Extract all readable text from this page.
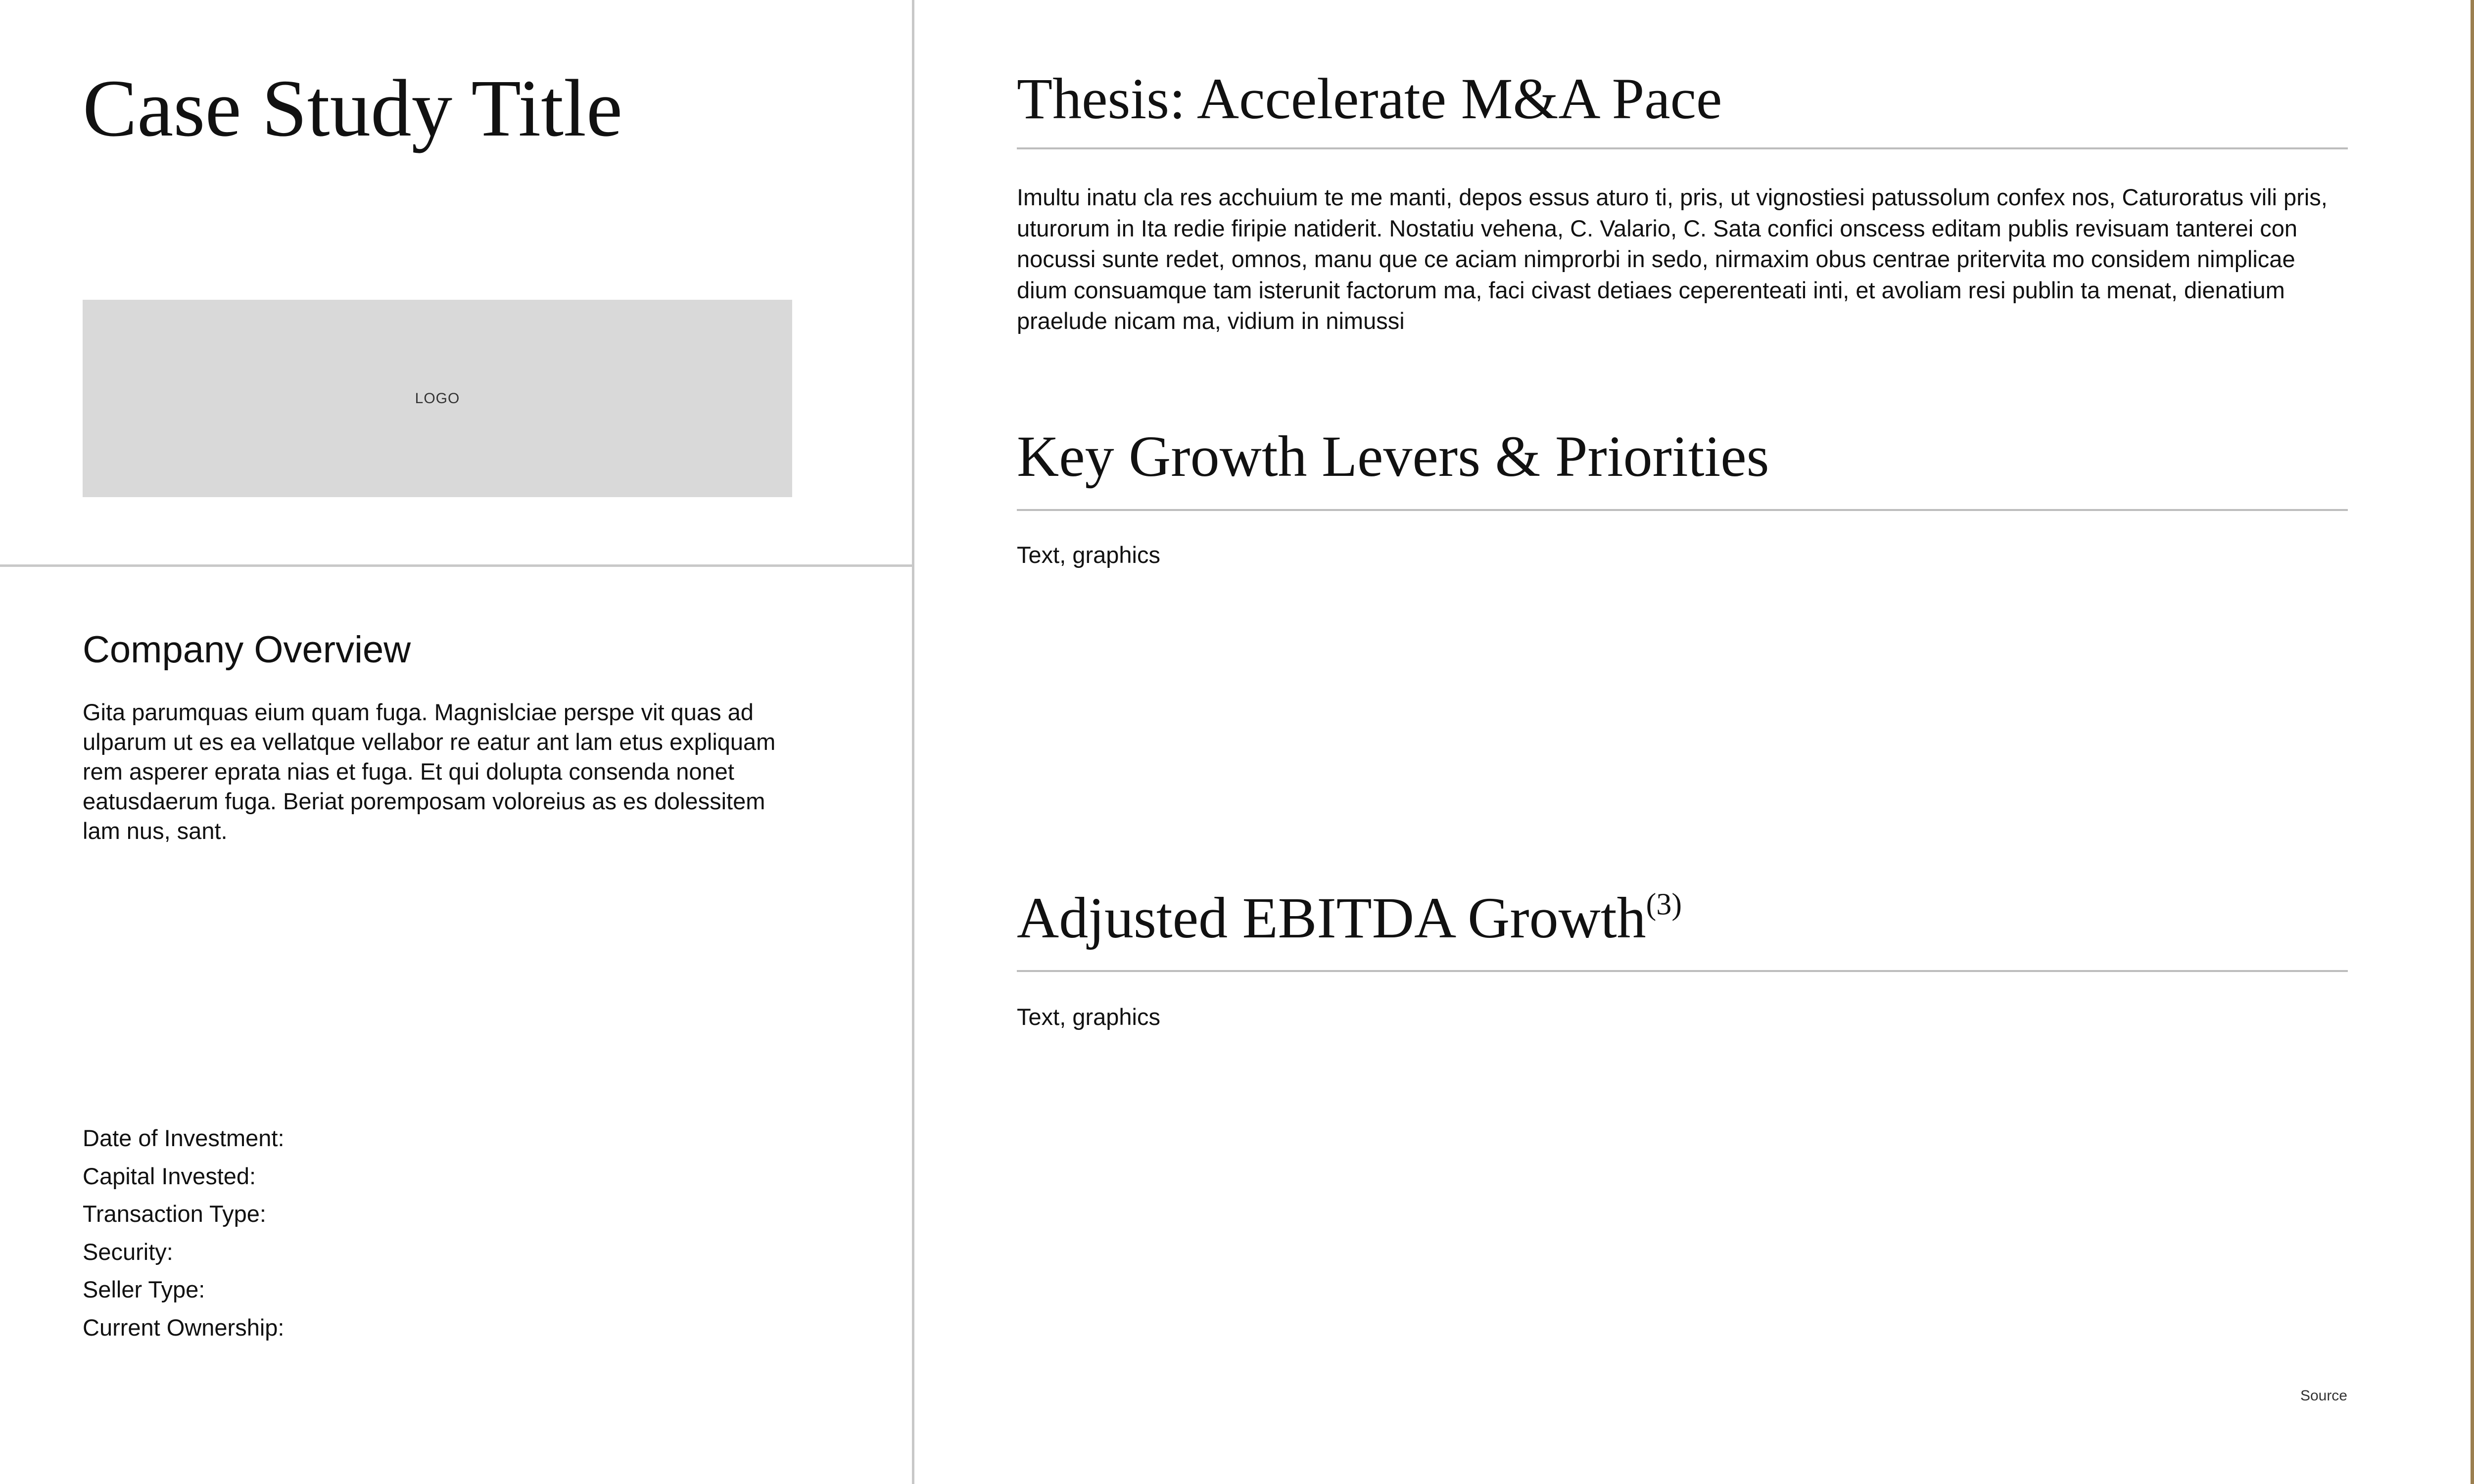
Case Study Title
LOGO
Company Overview

Gita parumquas eium quam fuga. Magnislciae perspe vit quas ad ulparum ut es ea vellatque vellabor re eatur ant lam etus expliquam rem asperer eprata nias et fuga. Et qui dolupta consenda nonet eatusdaerum fuga. Beriat poremposam voloreius as es dolessitem lam nus, sant.

Date of Investment:
Capital Invested:
Transaction Type:
Security:
Seller Type:
Current Ownership:
Thesis: Accelerate M&A Pace

Imultu inatu cla res acchuium te me manti, depos essus aturo ti, pris, ut vignostiesi patussolum confex nos, Caturoratus vili pris, uturorum in Ita redie firipie natiderit. Nostatiu vehena, C. Valario, C. Sata confici onscess editam publis revisuam tanterei con nocussi sunte redet, omnos, manu que ce aciam nimprorbi in sedo, nirmaxim obus centrae pritervita mo considem nimplicae dium consuamque tam isterunit factorum ma, faci civast detiaes ceperenteati inti, et avoliam resi publin ta menat, dienatium praelude nicam ma, vidium in nimussi

Key Growth Levers & Priorities

Text, graphics

Adjusted EBITDA Growth$^{(3)}$

Text, graphics

Source
